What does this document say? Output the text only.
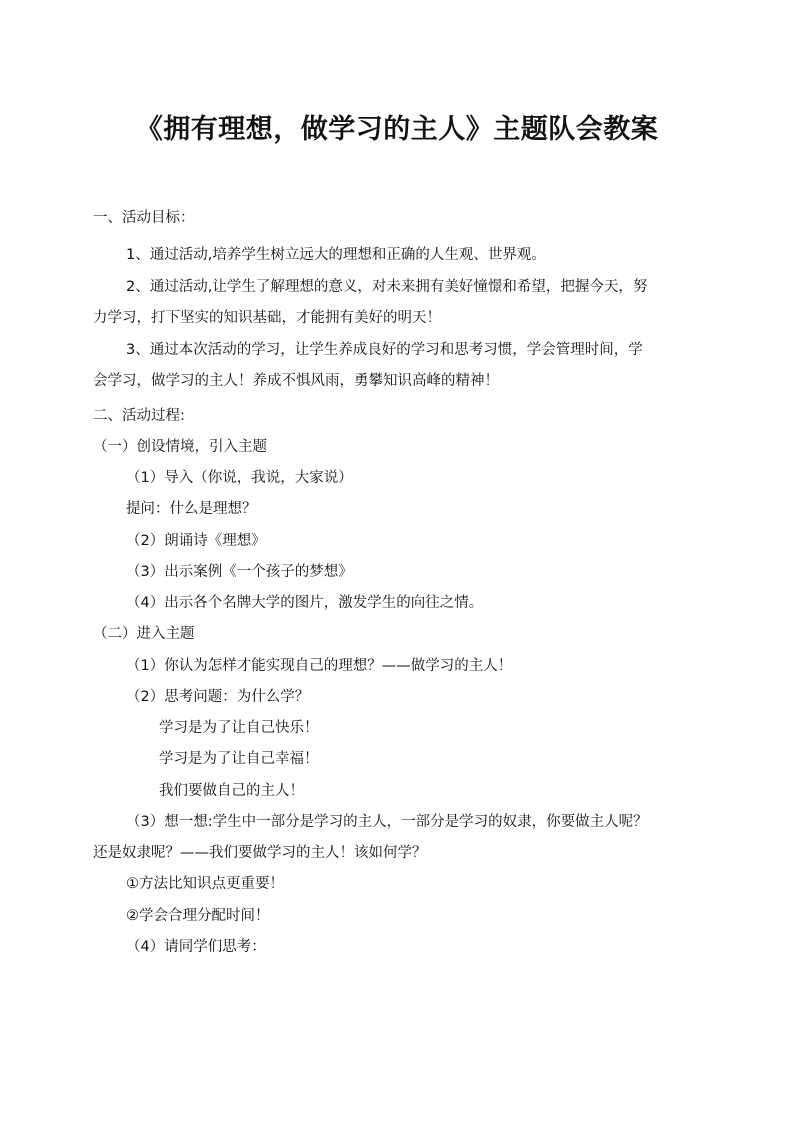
《拥有理想，做学习的主人》主题队会教案
一、活动目标：
1、通过活动,培养学生树立远大的理想和正确的人生观、世界观。
2、通过活动,让学生了解理想的意义，对未来拥有美好憧憬和希望，把握今天，努
力学习，打下坚实的知识基础，才能拥有美好的明天！
3、通过本次活动的学习，让学生养成良好的学习和思考习惯，学会管理时间，学
会学习，做学习的主人！养成不惧风雨，勇攀知识高峰的精神！
二、活动过程:
（一）创设情境，引入主题
（1）导入（你说，我说，大家说）
提问：什么是理想？
（2）朗诵诗《理想》
（3）出示案例《一个孩子的梦想》
（4）出示各个名牌大学的图片，激发学生的向往之情。
（二）进入主题
（1）你认为怎样才能实现自己的理想？——做学习的主人！
（2）思考问题：为什么学？
学习是为了让自己快乐！
学习是为了让自己幸福！
我们要做自己的主人！
（3）想一想:学生中一部分是学习的主人，一部分是学习的奴隶，你要做主人呢？
还是奴隶呢？——我们要做学习的主人！该如何学？
①方法比知识点更重要！
②学会合理分配时间！
（4）请同学们思考：
